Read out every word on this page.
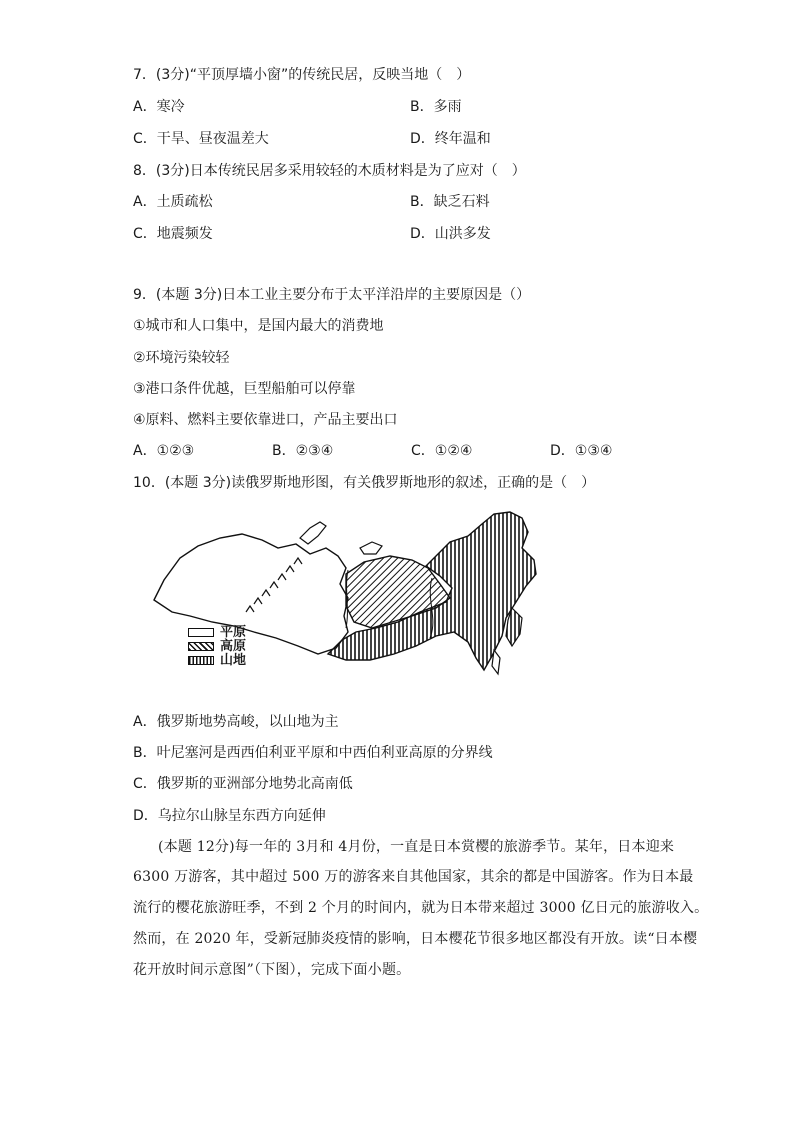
7．(3分)“平顶厚墙小窗”的传统民居，反映当地（　）
A．寒冷	B．多雨
C．干旱、昼夜温差大	D．终年温和
8．(3分)日本传统民居多采用较轻的木质材料是为了应对（　）
A．土质疏松	B．缺乏石料
C．地震频发	D．山洪多发
9．(本题 3分)日本工业主要分布于太平洋沿岸的主要原因是（）
①城市和人口集中，是国内最大的消费地
②环境污染较轻
③港口条件优越，巨型船舶可以停靠
④原料、燃料主要依靠进口，产品主要出口
A．①②③	B．②③④	C．①②④	D．①③④
10．(本题 3分)读俄罗斯地形图，有关俄罗斯地形的叙述，正确的是（　）
平原
高原
山地
A．俄罗斯地势高峻，以山地为主
B．叶尼塞河是西西伯利亚平原和中西伯利亚高原的分界线
C．俄罗斯的亚洲部分地势北高南低
D．乌拉尔山脉呈东西方向延伸
(本题 12分)每一年的 3月和 4月份，一直是日本赏樱的旅游季节。某年，日本迎来
6300 万游客，其中超过 500 万的游客来自其他国家，其余的都是中国游客。作为日本最
流行的樱花旅游旺季，不到 2 个月的时间内，就为日本带来超过 3000 亿日元的旅游收入。
然而，在 2020 年，受新冠肺炎疫情的影响，日本樱花节很多地区都没有开放。读“日本樱
花开放时间示意图”（下图），完成下面小题。
